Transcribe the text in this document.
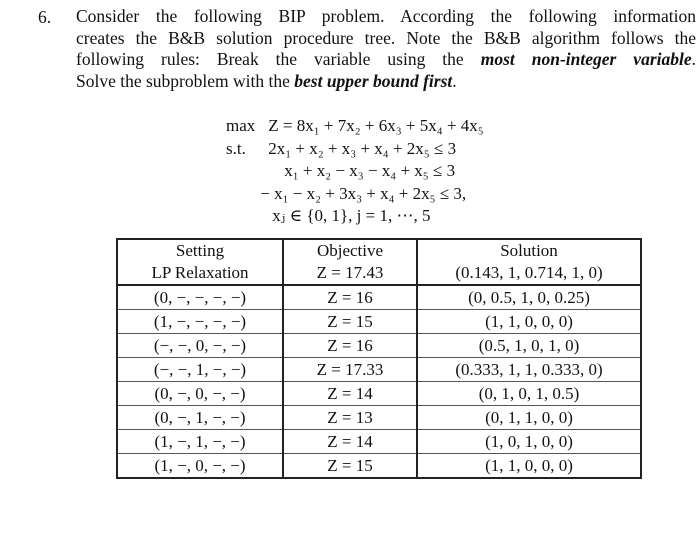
6. Consider the following BIP problem. According the following information
creates the B&B solution procedure tree. Note the B&B algorithm follows the
following rules: Break the variable using the most non-integer variable.
Solve the subproblem with the best upper bound first.
max Z = 8x₁ + 7x₂ + 6x₃ + 5x₄ + 4x₅
s.t. 2x₁ + x₂ + x₃ + x₄ + 2x₅ ≤ 3
x₁ + x₂ − x₃ − x₄ + x₅ ≤ 3
− x₁ − x₂ + 3x₃ + x₄ + 2x₅ ≤ 3,
xⱼ ∈ {0, 1}, j = 1, ⋯, 5
Setting	Objective	Solution
LP Relaxation	Z = 17.43	(0.143, 1, 0.714, 1, 0)
(0, −, −, −, −)	Z = 16	(0, 0.5, 1, 0, 0.25)
(1, −, −, −, −)	Z = 15	(1, 1, 0, 0, 0)
(−, −, 0, −, −)	Z = 16	(0.5, 1, 0, 1, 0)
(−, −, 1, −, −)	Z = 17.33	(0.333, 1, 1, 0.333, 0)
(0, −, 0, −, −)	Z = 14	(0, 1, 0, 1, 0.5)
(0, −, 1, −, −)	Z = 13	(0, 1, 1, 0, 0)
(1, −, 1, −, −)	Z = 14	(1, 0, 1, 0, 0)
(1, −, 0, −, −)	Z = 15	(1, 1, 0, 0, 0)
